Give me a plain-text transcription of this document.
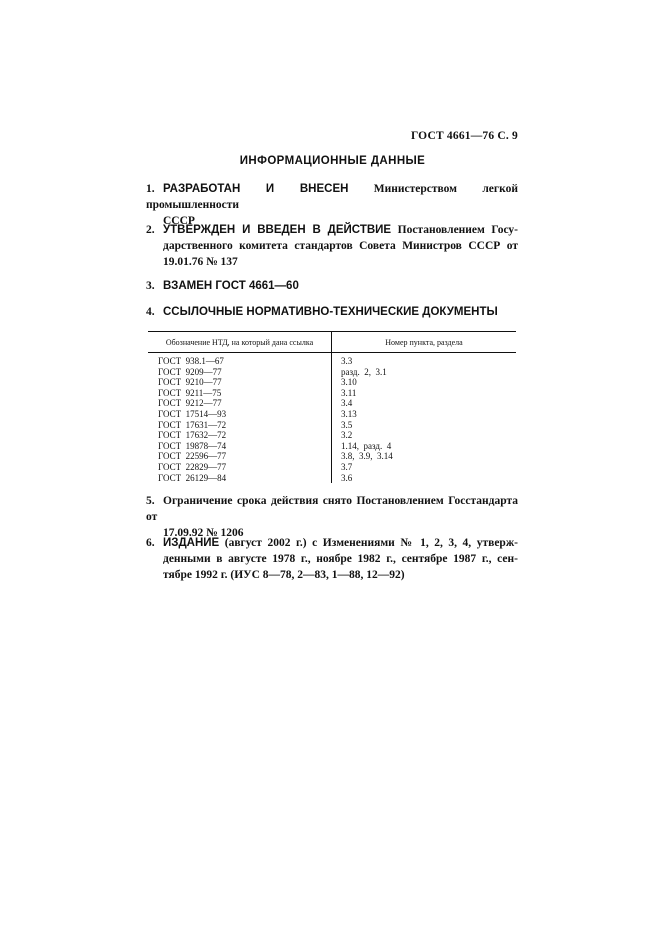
ГОСТ 4661—76 С. 9
ИНФОРМАЦИОННЫЕ ДАННЫЕ
1. РАЗРАБОТАН И ВНЕСЕН Министерством легкой промышленности
СССР
2. УТВЕРЖДЕН И ВВЕДЕН В ДЕЙСТВИЕ Постановлением Госу-
дарственного комитета стандартов Совета Министров СССР от
19.01.76 № 137
3. ВЗАМЕН ГОСТ 4661—60
4. ССЫЛОЧНЫЕ НОРМАТИВНО-ТЕХНИЧЕСКИЕ ДОКУМЕНТЫ
Обозначение НТД, на который дана ссылка	Номер пункта, раздела
ГОСТ  938.1—67	3.3
ГОСТ  9209—77	разд.  2,  3.1
ГОСТ  9210—77	3.10
ГОСТ  9211—75	3.11
ГОСТ  9212—77	3.4
ГОСТ  17514—93	3.13
ГОСТ  17631—72	3.5
ГОСТ  17632—72	3.2
ГОСТ  19878—74	1.14,  разд.  4
ГОСТ  22596—77	3.8,  3.9,  3.14
ГОСТ  22829—77	3.7
ГОСТ  26129—84	3.6
5. Ограничение срока действия снято Постановлением Госстандарта от
17.09.92 № 1206
6. ИЗДАНИЕ (август 2002 г.) с Изменениями № 1, 2, 3, 4, утверж-
денными в августе 1978 г., ноябре 1982 г., сентябре 1987 г., сен-
тябре 1992 г. (ИУС 8—78, 2—83, 1—88, 12—92)
